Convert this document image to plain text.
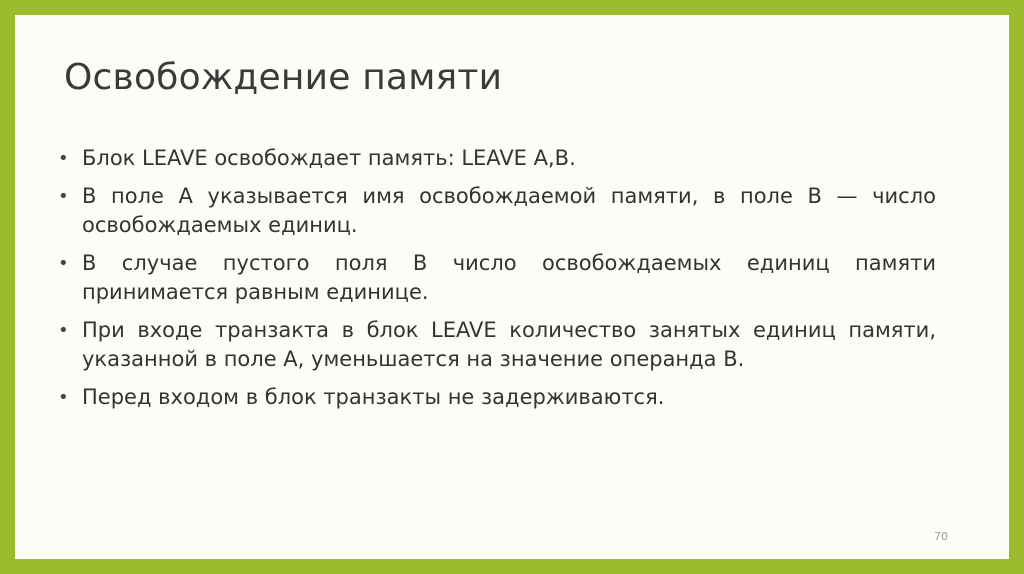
Освобождение памяти
• Блок LEAVE освобождает память: LEAVE A,B.
• В поле А указывается имя освобождаемой памяти, в поле В — число освобождаемых единиц.
• В случае пустого поля В число освобождаемых единиц памяти принимается равным единице.
• При входе транзакта в блок LEAVE количество занятых единиц памяти, указанной в поле А, уменьшается на значение операнда В.
• Перед входом в блок транзакты не задерживаются.
70
